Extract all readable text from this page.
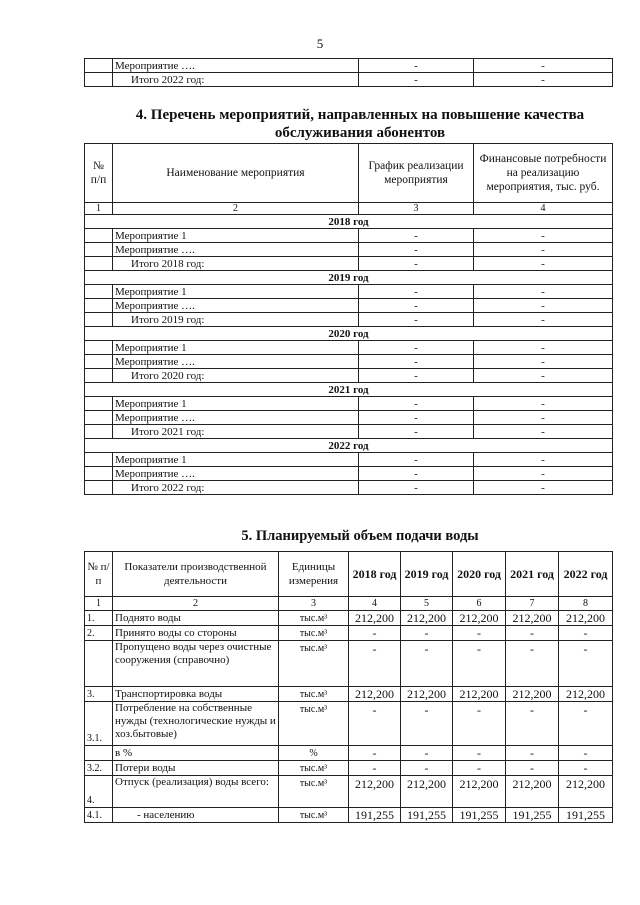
5
	Мероприятие ….	-	-
	Итого 2022 год:	-	-
4. Перечень мероприятий, направленных на повышение качества
обслуживания абонентов
№ п/п	Наименование мероприятия	График реализации мероприятия	Финансовые потребности на реализацию мероприятия, тыс. руб.
1	2	3	4
2018 год			
	Мероприятие 1	-	-
	Мероприятие ….	-	-
	Итого 2018 год:	-	-
2019 год			
	Мероприятие 1	-	-
	Мероприятие ….	-	-
	Итого 2019 год:	-	-
2020 год			
	Мероприятие 1	-	-
	Мероприятие ….	-	-
	Итого 2020 год:	-	-
2021 год			
	Мероприятие 1	-	-
	Мероприятие ….	-	-
	Итого 2021 год:	-	-
2022 год			
	Мероприятие 1	-	-
	Мероприятие ….	-	-
	Итого 2022 год:	-	-
5. Планируемый объем подачи воды
№ п/п	Показатели производственной деятельности	Единицы измерения	2018 год	2019 год	2020 год	2021 год	2022 год
1	2	3	4	5	6	7	8
1.	Поднято воды	тыс.м³	212,200	212,200	212,200	212,200	212,200
2.	Принято воды со стороны	тыс.м³	-	-	-	-	-
	Пропущено воды через очистные сооружения (справочно)	тыс.м³	-	-	-	-	-
3.	Транспортировка воды	тыс.м³	212,200	212,200	212,200	212,200	212,200
3.1.	Потребление на собственные нужды (технологические нужды и хоз.бытовые)	тыс.м³	-	-	-	-	-
	в %	%	-	-	-	-	-
3.2.	Потери воды	тыс.м³	-	-	-	-	-
4.	Отпуск (реализация) воды всего:	тыс.м³	212,200	212,200	212,200	212,200	212,200
4.1.	- населению	тыс.м³	191,255	191,255	191,255	191,255	191,255
